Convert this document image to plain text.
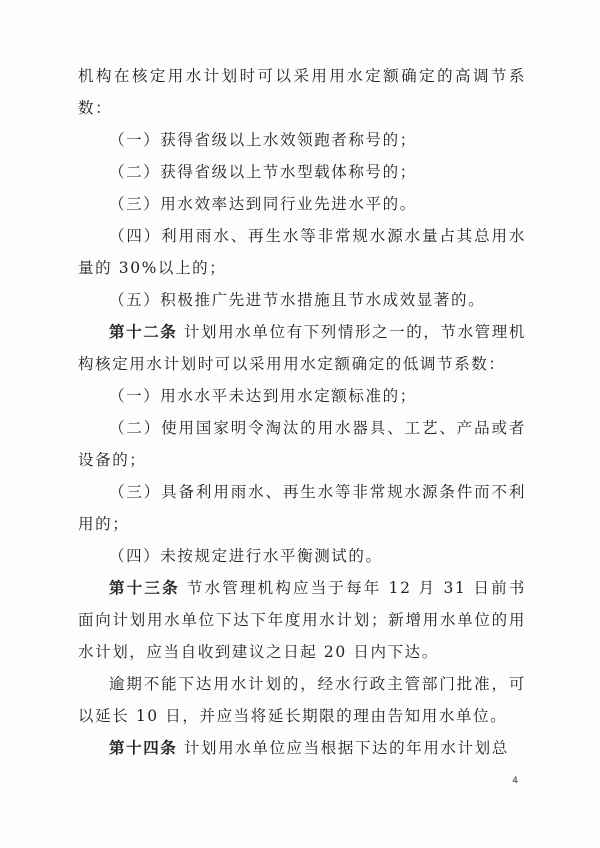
机构在核定用水计划时可以采用用水定额确定的高调节系数：

（一）获得省级以上水效领跑者称号的；

（二）获得省级以上节水型载体称号的；

（三）用水效率达到同行业先进水平的。

（四）利用雨水、再生水等非常规水源水量占其总用水量的 30%以上的；

（五）积极推广先进节水措施且节水成效显著的。

第十二条 计划用水单位有下列情形之一的，节水管理机构核定用水计划时可以采用用水定额确定的低调节系数：

（一）用水水平未达到用水定额标准的；

（二）使用国家明令淘汰的用水器具、工艺、产品或者设备的；

（三）具备利用雨水、再生水等非常规水源条件而不利用的；

（四）未按规定进行水平衡测试的。

第十三条 节水管理机构应当于每年 12 月 31 日前书面向计划用水单位下达下年度用水计划；新增用水单位的用水计划，应当自收到建议之日起 20 日内下达。

逾期不能下达用水计划的，经水行政主管部门批准，可以延长 10 日，并应当将延长期限的理由告知用水单位。

第十四条 计划用水单位应当根据下达的年用水计划总

4
